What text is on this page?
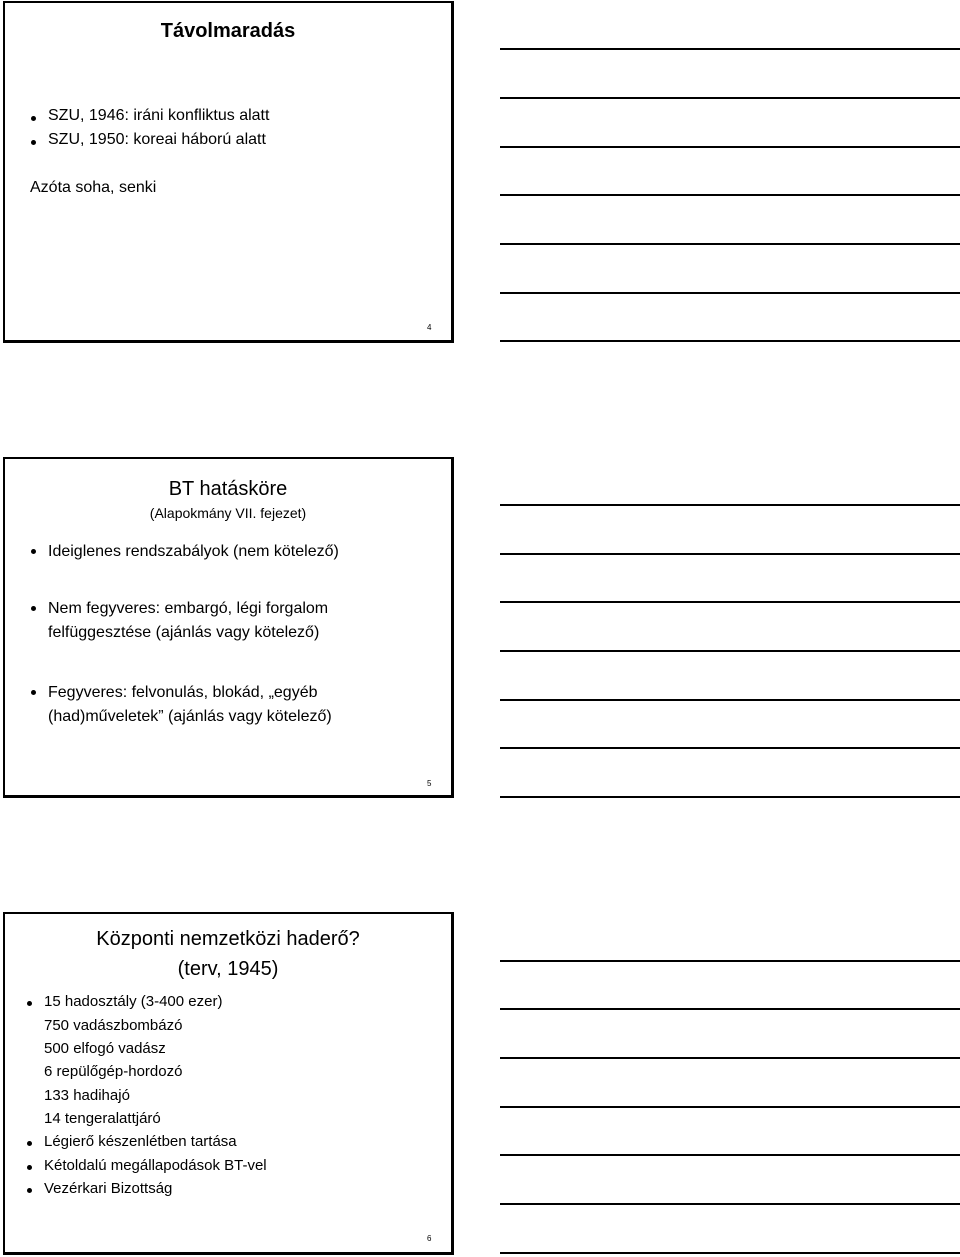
Távolmaradás
SZU, 1946: iráni konfliktus alatt
SZU, 1950: koreai háború alatt
Azóta soha, senki
4
BT hatásköre
(Alapokmány VII. fejezet)
Ideiglenes rendszabályok (nem kötelező)
Nem fegyveres: embargó, légi forgalom
felfüggesztése (ajánlás vagy kötelező)
Fegyveres: felvonulás, blokád, „egyéb
(had)műveletek” (ajánlás vagy kötelező)
5
Központi nemzetközi haderő?
(terv, 1945)
15 hadosztály (3-400 ezer)
750 vadászbombázó
500 elfogó vadász
6 repülőgép-hordozó
133 hadihajó
14 tengeralattjáró
Légierő készenlétben tartása
Kétoldalú megállapodások BT-vel
Vezérkari Bizottság
6
